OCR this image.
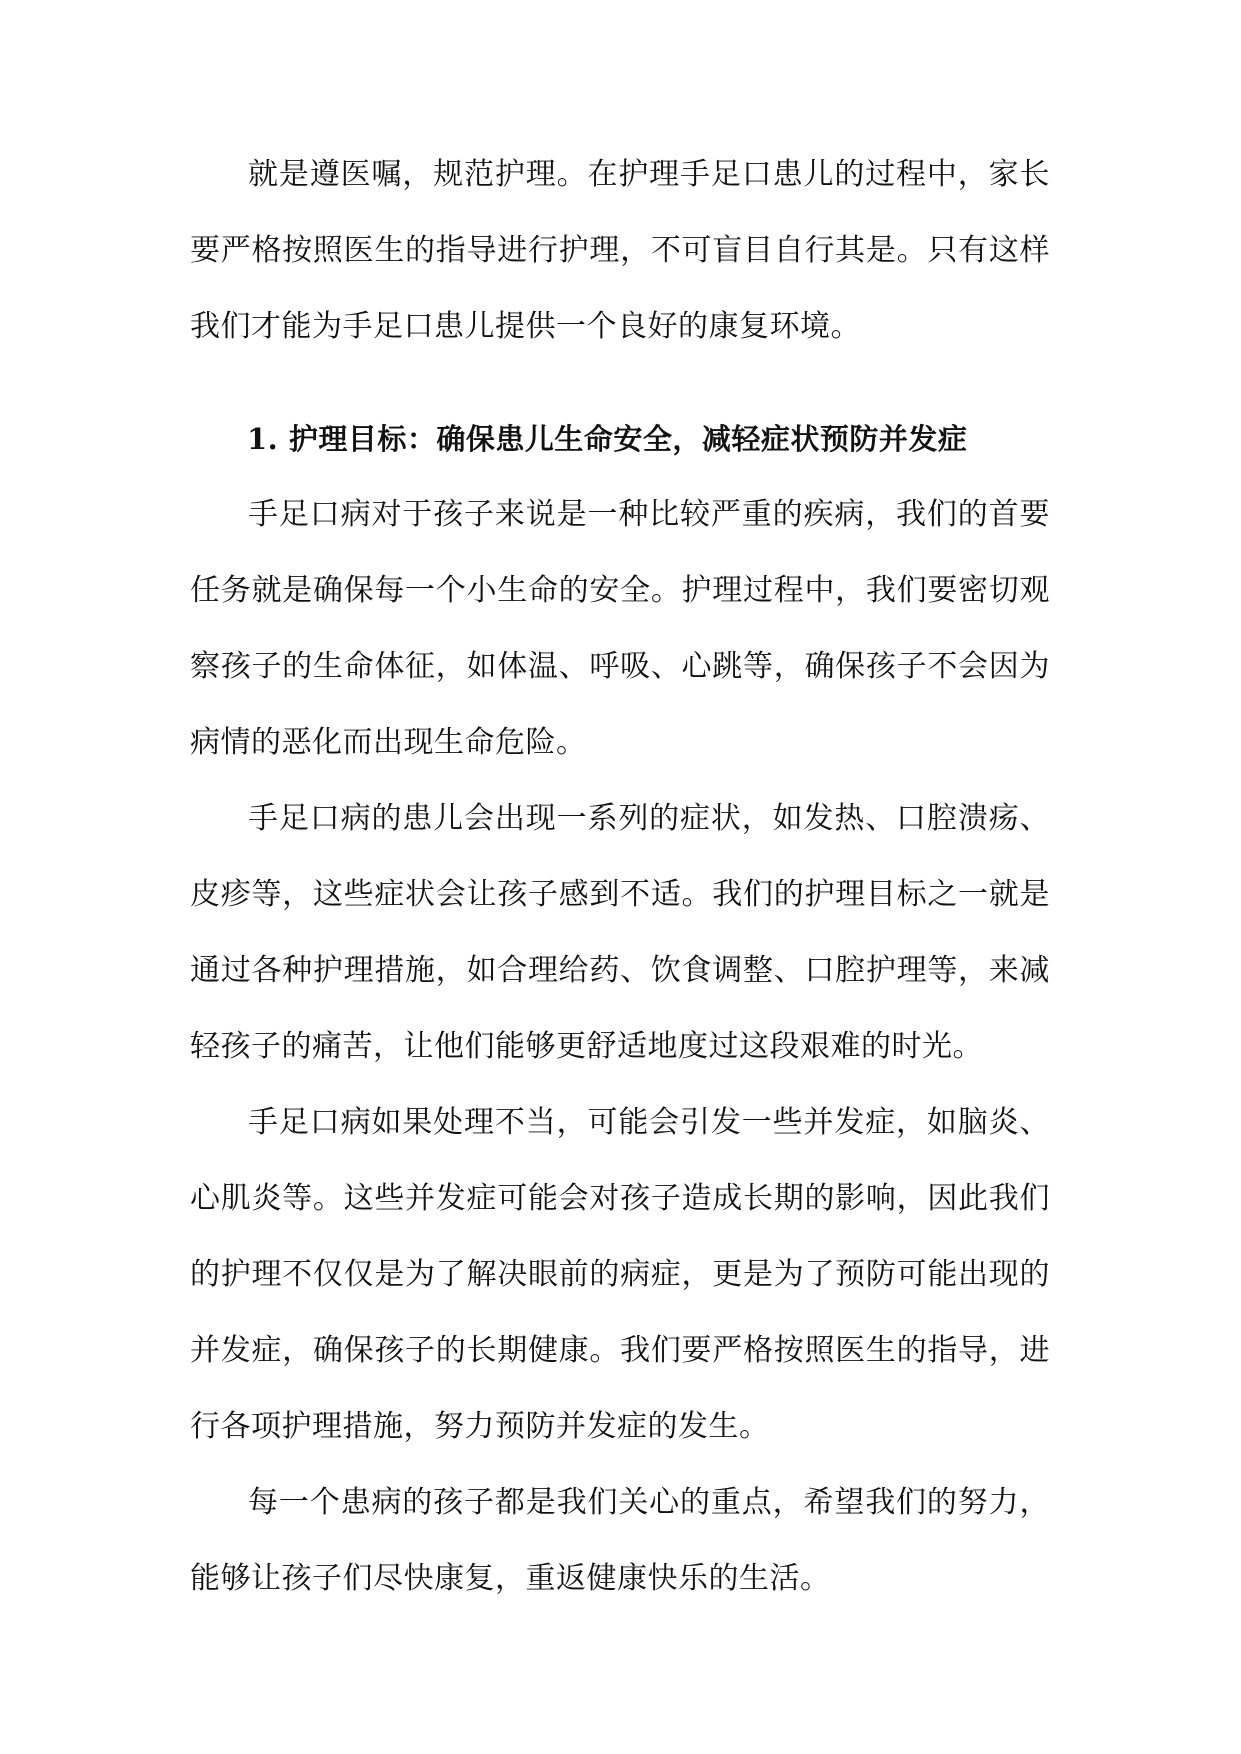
就是遵医嘱，规范护理。在护理手足口患儿的过程中，家长要严格按照医生的指导进行护理，不可盲目自行其是。只有这样我们才能为手足口患儿提供一个良好的康复环境。

1. 护理目标：确保患儿生命安全，减轻症状预防并发症

手足口病对于孩子来说是一种比较严重的疾病，我们的首要任务就是确保每一个小生命的安全。护理过程中，我们要密切观察孩子的生命体征，如体温、呼吸、心跳等，确保孩子不会因为病情的恶化而出现生命危险。

手足口病的患儿会出现一系列的症状，如发热、口腔溃疡、皮疹等，这些症状会让孩子感到不适。我们的护理目标之一就是通过各种护理措施，如合理给药、饮食调整、口腔护理等，来减轻孩子的痛苦，让他们能够更舒适地度过这段艰难的时光。

手足口病如果处理不当，可能会引发一些并发症，如脑炎、心肌炎等。这些并发症可能会对孩子造成长期的影响，因此我们的护理不仅仅是为了解决眼前的病症，更是为了预防可能出现的并发症，确保孩子的长期健康。我们要严格按照医生的指导，进行各项护理措施，努力预防并发症的发生。

每一个患病的孩子都是我们关心的重点，希望我们的努力，能够让孩子们尽快康复，重返健康快乐的生活。
